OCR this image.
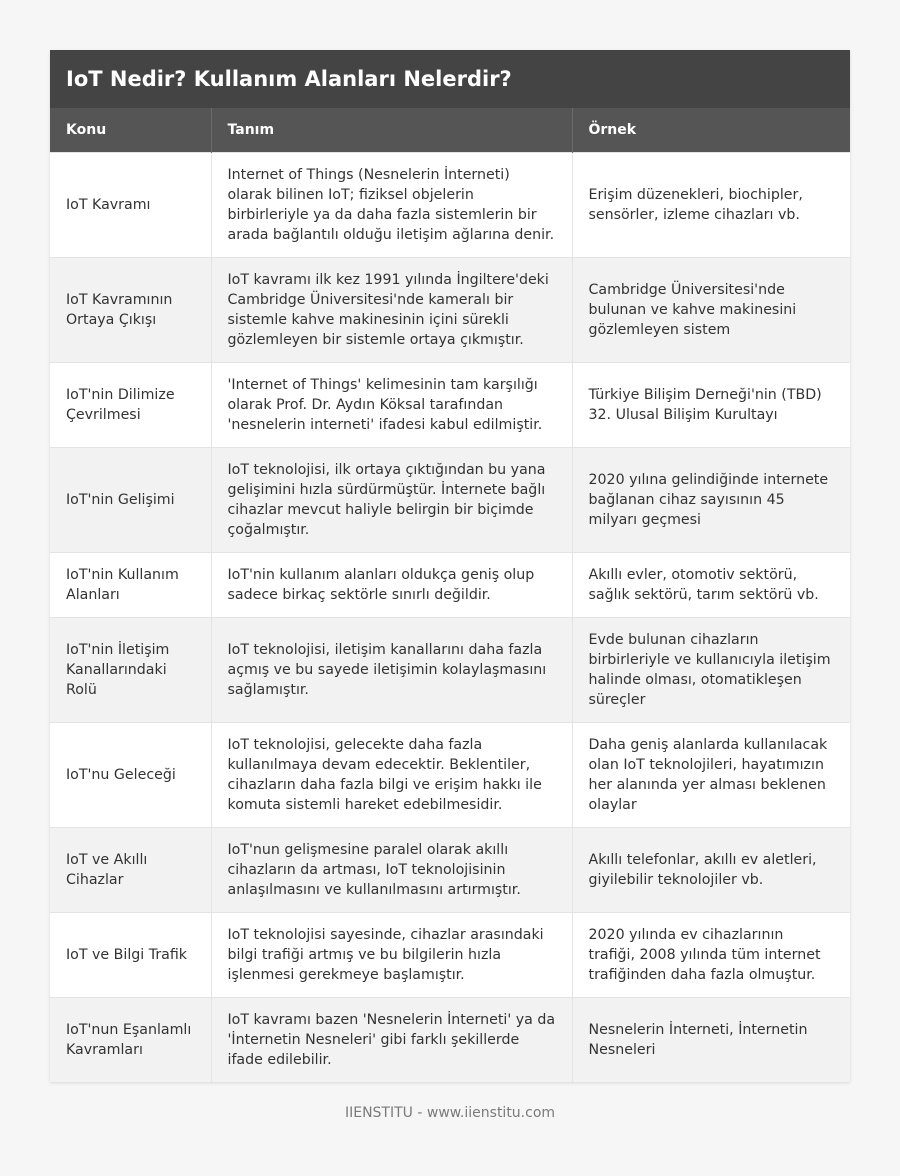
IoT Nedir? Kullanım Alanları Nelerdir?
Konu	Tanım	Örnek
IoT Kavramı	Internet of Things (Nesnelerin İnterneti) olarak bilinen IoT; fiziksel objelerin birbirleriyle ya da daha fazla sistemlerin bir arada bağlantılı olduğu iletişim ağlarına denir.	Erişim düzenekleri, biochipler, sensörler, izleme cihazları vb.
IoT Kavramının Ortaya Çıkışı	IoT kavramı ilk kez 1991 yılında İngiltere'deki Cambridge Üniversitesi'nde kameralı bir sistemle kahve makinesinin içini sürekli gözlemleyen bir sistemle ortaya çıkmıştır.	Cambridge Üniversitesi'nde bulunan ve kahve makinesini gözlemleyen sistem
IoT'nin Dilimize Çevrilmesi	'Internet of Things' kelimesinin tam karşılığı olarak Prof. Dr. Aydın Köksal tarafından 'nesnelerin interneti' ifadesi kabul edilmiştir.	Türkiye Bilişim Derneği'nin (TBD) 32. Ulusal Bilişim Kurultayı
IoT'nin Gelişimi	IoT teknolojisi, ilk ortaya çıktığından bu yana gelişimini hızla sürdürmüştür. İnternete bağlı cihazlar mevcut haliyle belirgin bir biçimde çoğalmıştır.	2020 yılına gelindiğinde internete bağlanan cihaz sayısının 45 milyarı geçmesi
IoT'nin Kullanım Alanları	IoT'nin kullanım alanları oldukça geniş olup sadece birkaç sektörle sınırlı değildir.	Akıllı evler, otomotiv sektörü, sağlık sektörü, tarım sektörü vb.
IoT'nin İletişim Kanallarındaki Rolü	IoT teknolojisi, iletişim kanallarını daha fazla açmış ve bu sayede iletişimin kolaylaşmasını sağlamıştır.	Evde bulunan cihazların birbirleriyle ve kullanıcıyla iletişim halinde olması, otomatikleşen süreçler
IoT'nu Geleceği	IoT teknolojisi, gelecekte daha fazla kullanılmaya devam edecektir. Beklentiler, cihazların daha fazla bilgi ve erişim hakkı ile komuta sistemli hareket edebilmesidir.	Daha geniş alanlarda kullanılacak olan IoT teknolojileri, hayatımızın her alanında yer alması beklenen olaylar
IoT ve Akıllı Cihazlar	IoT'nun gelişmesine paralel olarak akıllı cihazların da artması, IoT teknolojisinin anlaşılmasını ve kullanılmasını artırmıştır.	Akıllı telefonlar, akıllı ev aletleri, giyilebilir teknolojiler vb.
IoT ve Bilgi Trafik	IoT teknolojisi sayesinde, cihazlar arasındaki bilgi trafiği artmış ve bu bilgilerin hızla işlenmesi gerekmeye başlamıştır.	2020 yılında ev cihazlarının trafiği, 2008 yılında tüm internet trafiğinden daha fazla olmuştur.
IoT'nun Eşanlamlı Kavramları	IoT kavramı bazen 'Nesnelerin İnterneti' ya da 'İnternetin Nesneleri' gibi farklı şekillerde ifade edilebilir.	Nesnelerin İnterneti, İnternetin Nesneleri
IIENSTITU - www.iienstitu.com
